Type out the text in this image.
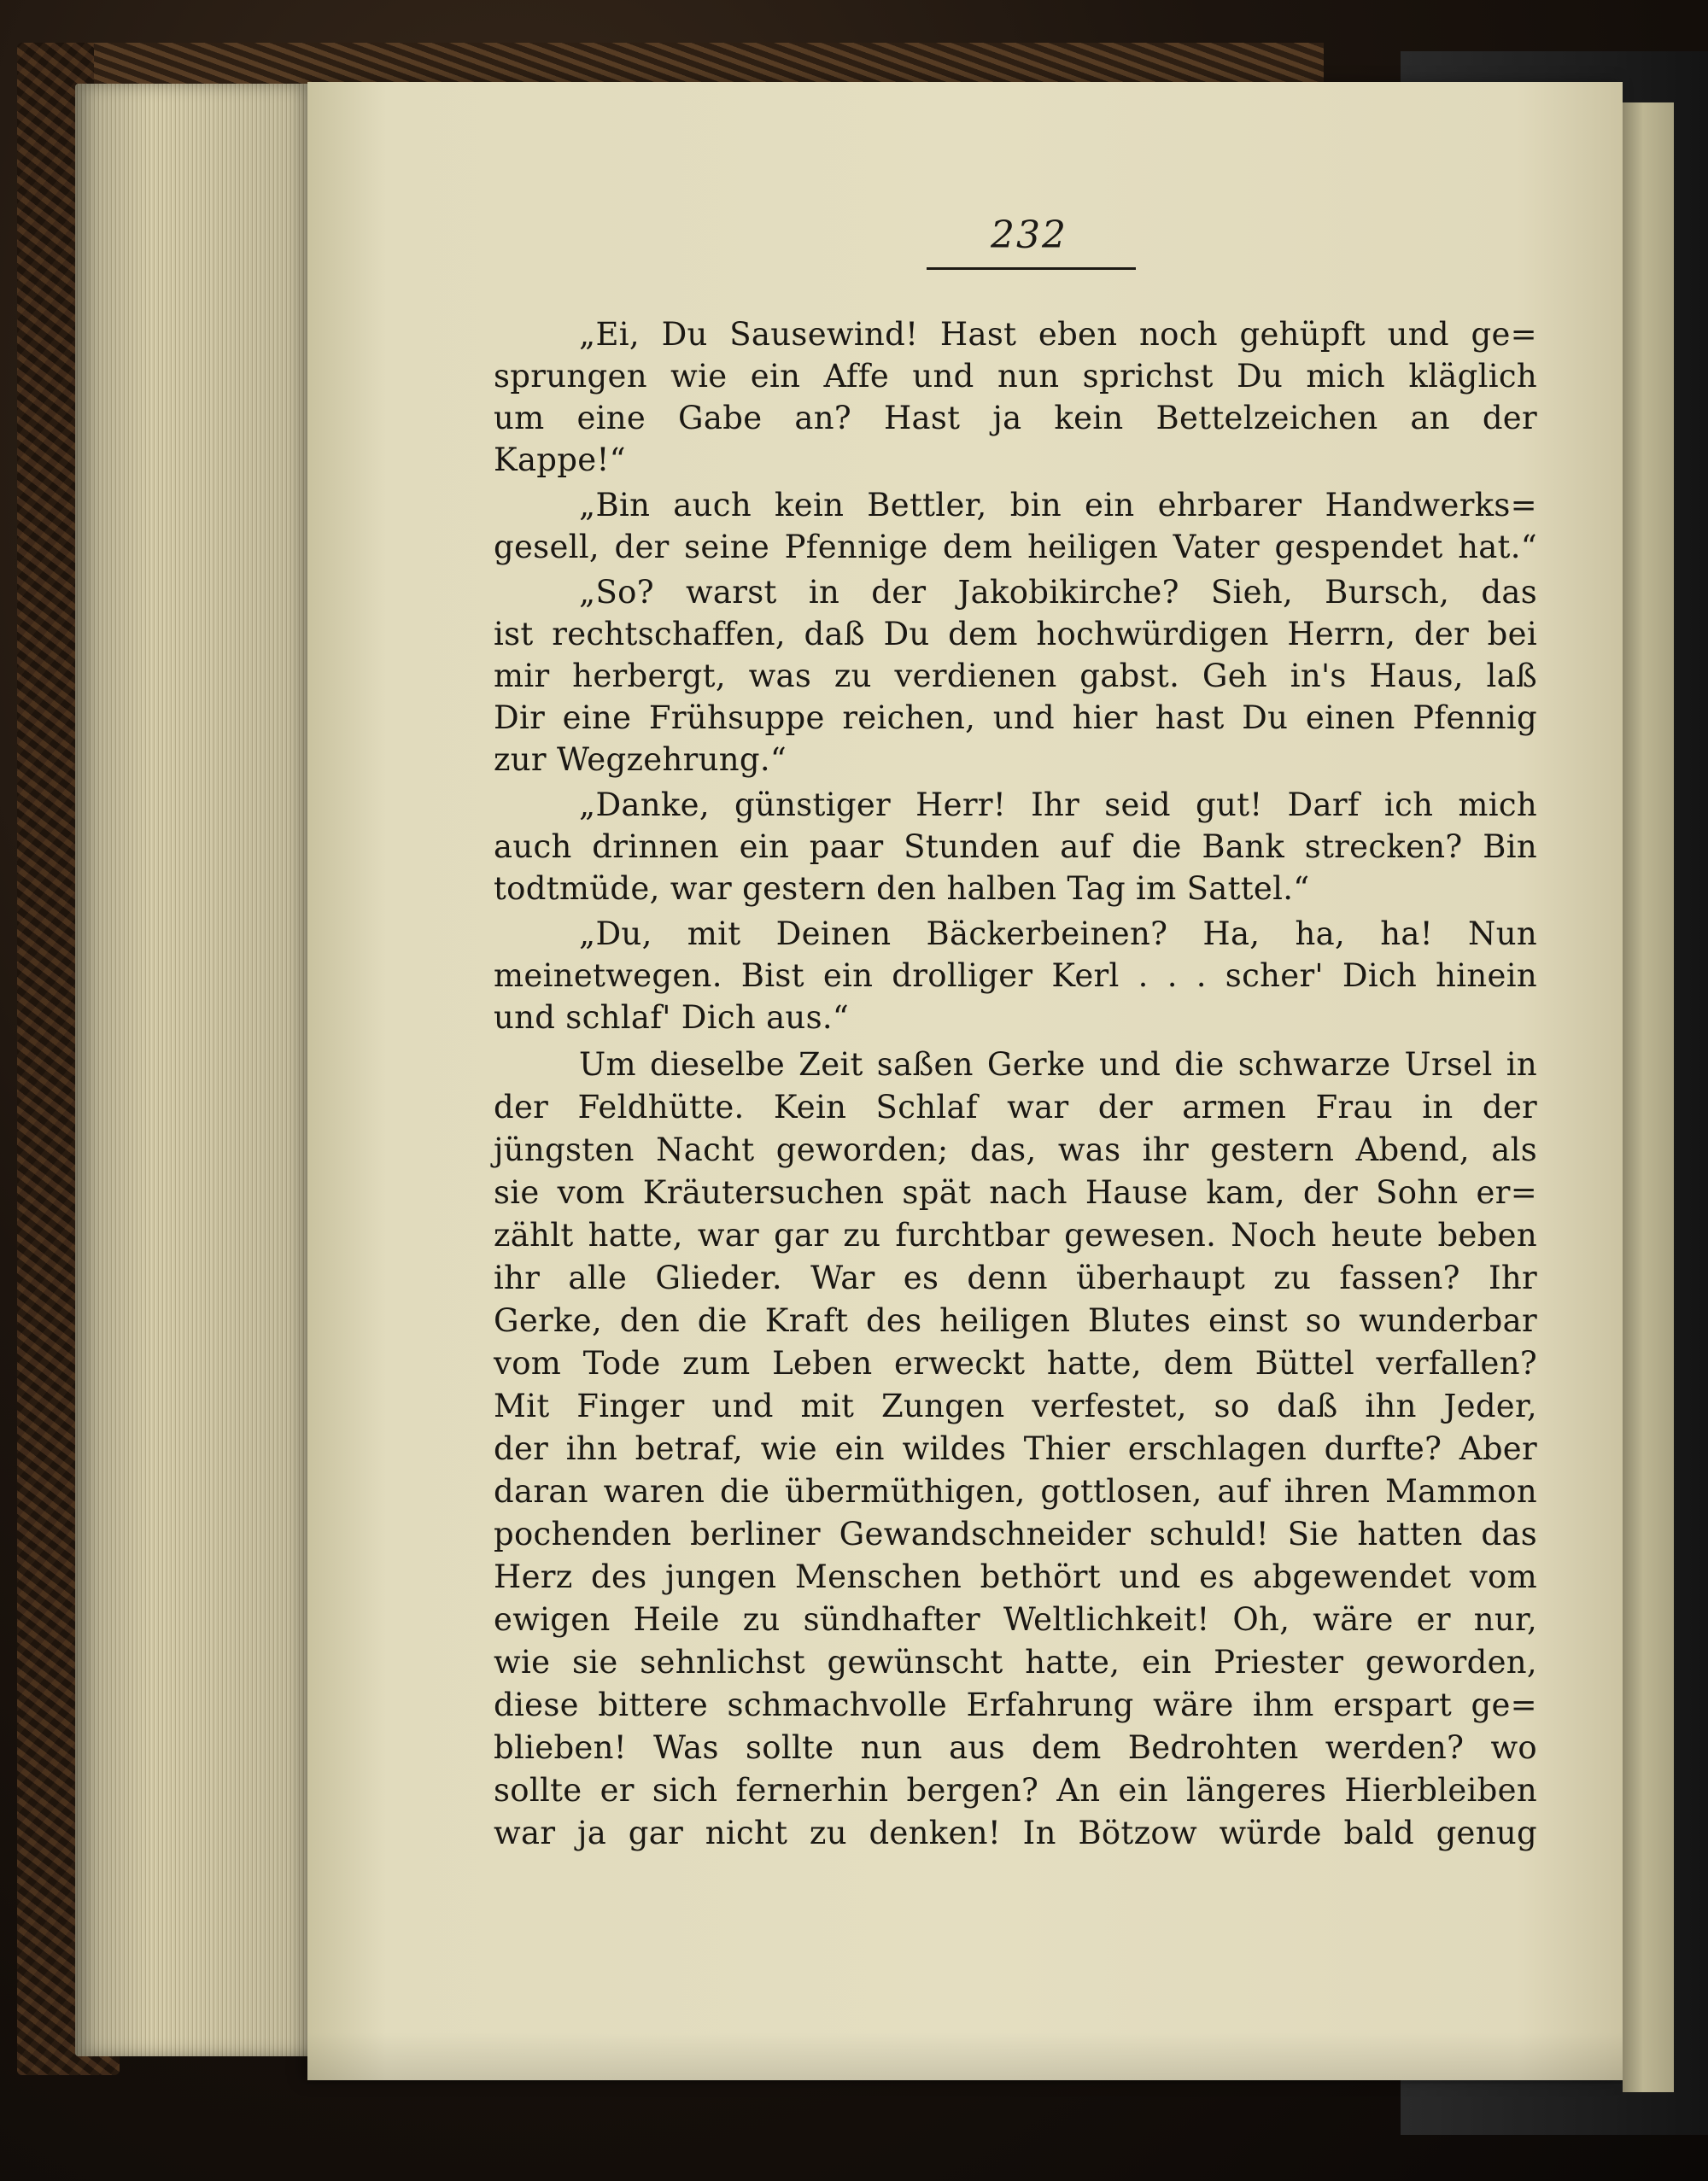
232
„Ei, Du Sausewind! Hast eben noch gehüpft und ge=
sprungen wie ein Affe und nun sprichst Du mich kläglich
um eine Gabe an? Hast ja kein Bettelzeichen an der
Kappe!“
„Bin auch kein Bettler, bin ein ehrbarer Handwerks=
gesell, der seine Pfennige dem heiligen Vater gespendet hat.“
„So? warst in der Jakobikirche? Sieh, Bursch, das
ist rechtschaffen, daß Du dem hochwürdigen Herrn, der bei
mir herbergt, was zu verdienen gabst. Geh in's Haus, laß
Dir eine Frühsuppe reichen, und hier hast Du einen Pfennig
zur Wegzehrung.“
„Danke, günstiger Herr! Ihr seid gut! Darf ich mich
auch drinnen ein paar Stunden auf die Bank strecken? Bin
todtmüde, war gestern den halben Tag im Sattel.“
„Du, mit Deinen Bäckerbeinen? Ha, ha, ha! Nun
meinetwegen. Bist ein drolliger Kerl . . . scher' Dich hinein
und schlaf' Dich aus.“
Um dieselbe Zeit saßen Gerke und die schwarze Ursel in
der Feldhütte. Kein Schlaf war der armen Frau in der
jüngsten Nacht geworden; das, was ihr gestern Abend, als
sie vom Kräutersuchen spät nach Hause kam, der Sohn er=
zählt hatte, war gar zu furchtbar gewesen. Noch heute beben
ihr alle Glieder. War es denn überhaupt zu fassen? Ihr
Gerke, den die Kraft des heiligen Blutes einst so wunderbar
vom Tode zum Leben erweckt hatte, dem Büttel verfallen?
Mit Finger und mit Zungen verfestet, so daß ihn Jeder,
der ihn betraf, wie ein wildes Thier erschlagen durfte? Aber
daran waren die übermüthigen, gottlosen, auf ihren Mammon
pochenden berliner Gewandschneider schuld! Sie hatten das
Herz des jungen Menschen bethört und es abgewendet vom
ewigen Heile zu sündhafter Weltlichkeit! Oh, wäre er nur,
wie sie sehnlichst gewünscht hatte, ein Priester geworden,
diese bittere schmachvolle Erfahrung wäre ihm erspart ge=
blieben! Was sollte nun aus dem Bedrohten werden? wo
sollte er sich fernerhin bergen? An ein längeres Hierbleiben
war ja gar nicht zu denken! In Bötzow würde bald genug
